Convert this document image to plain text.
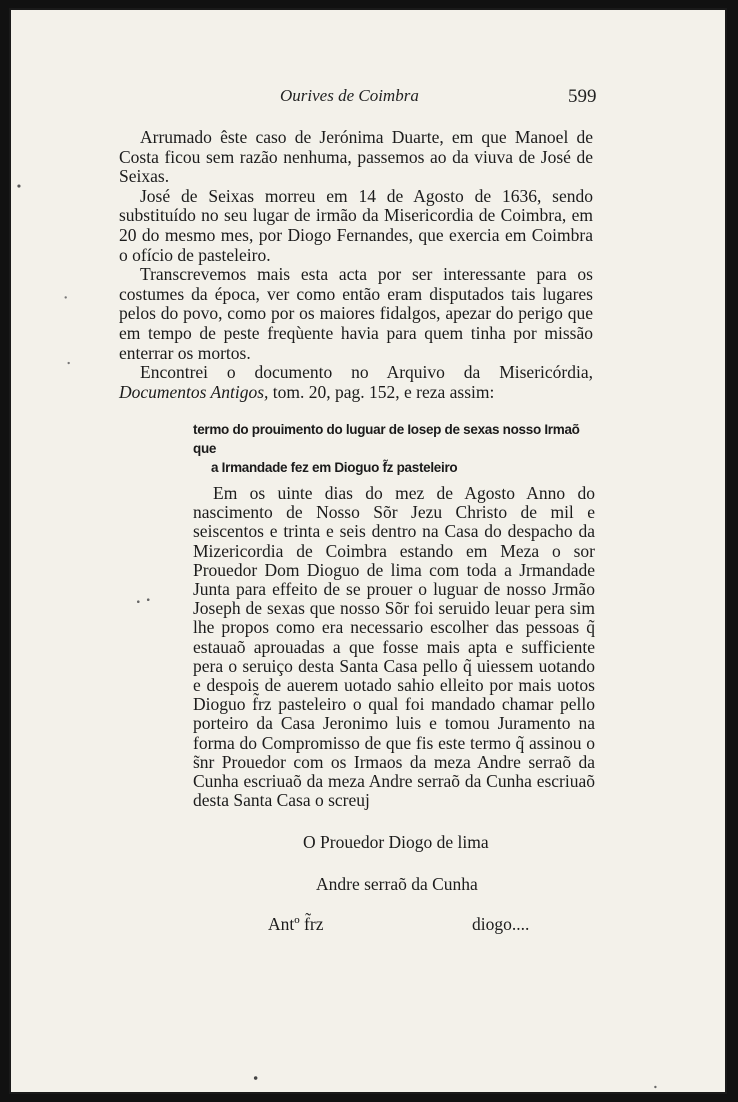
Ourives de Coimbra	599

Arrumado êste caso de Jerónima Duarte, em que Manoel de Costa ficou sem razão nenhuma, passemos ao da viuva de José de Seixas.

José de Seixas morreu em 14 de Agosto de 1636, sendo substituído no seu lugar de irmão da Misericordia de Coimbra, em 20 do mesmo mes, por Diogo Fernandes, que exercia em Coimbra o ofício de pasteleiro.

Transcrevemos mais esta acta por ser interessante para os costumes da época, ver como então eram disputados tais lugares pelos do povo, como por os maiores fidalgos, apezar do perigo que em tempo de peste freqùente havia para quem tinha por missão enterrar os mortos.

Encontrei o documento no Arquivo da Misericórdia, Documentos Antigos, tom. 20, pag. 152, e reza assim:

termo do prouimento do luguar de Iosep de sexas nosso Irmaõ que
a Irmandade fez em Dioguo f̃z pasteleiro

Em os uinte dias do mez de Agosto Anno do nascimento de Nosso Sõr Jezu Christo de mil e seiscentos e trinta e seis dentro na Casa do despacho da Mizericordia de Coimbra estando em Meza o sor Prouedor Dom Dioguo de lima com toda a Jrmandade Junta para effeito de se prouer o luguar de nosso Jrmão Joseph de sexas que nosso Sõr foi seruido leuar pera sim lhe propos como era necessario escolher das pessoas q̃ estauaõ aprouadas a que fosse mais apta e sufficiente pera o seruiço desta Santa Casa pello q̃ uiessem uotando e despois de auerem uotado sahio elleito por mais uotos Dioguo f̃rz pasteleiro o qual foi mandado chamar pello porteiro da Casa Jeronimo luis e tomou Juramento na forma do Compromisso de que fis este termo q̃ assinou o s̃nr Prouedor com os Irmaos da meza Andre serraõ da Cunha escriuaõ da meza Andre serraõ da Cunha escriuaõ desta Santa Casa o screuj

O Prouedor Diogo de lima
Andre serraõ da Cunha
Antº f̃rz	diogo....
